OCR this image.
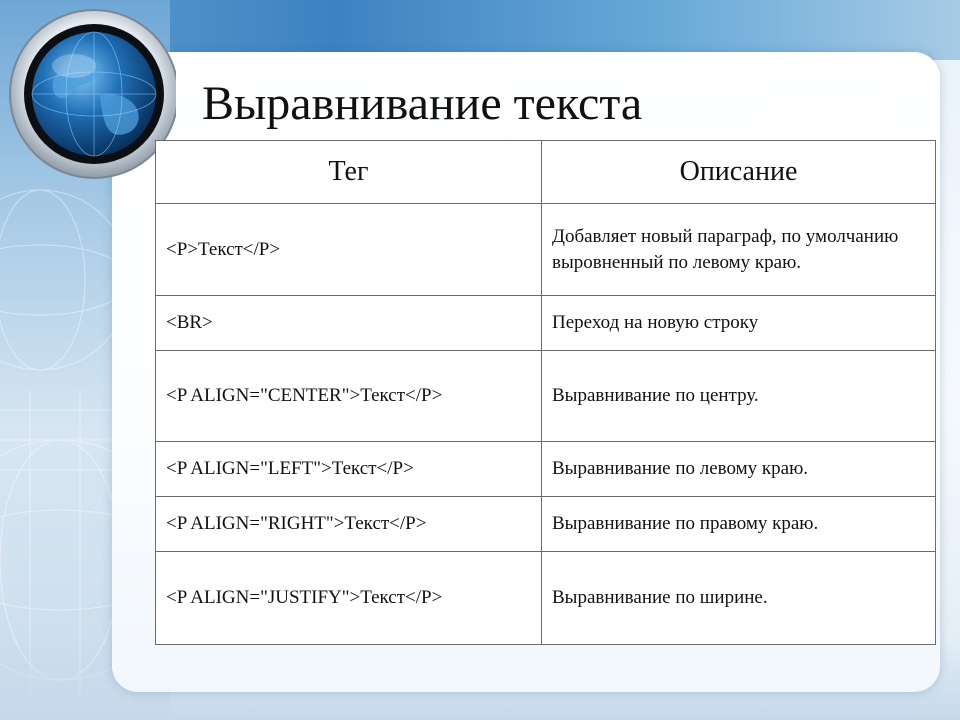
Выравнивание текста
Тег	Описание
<P>Текст</P>	Добавляет новый параграф, по умолчанию выровненный по левому краю.
<BR>	Переход на новую строку
<P ALIGN="CENTER">Текст</P>	Выравнивание по центру.
<P ALIGN="LEFT">Текст</P>	Выравнивание по левому краю.
<P ALIGN="RIGHT">Текст</P>	Выравнивание по правому краю.
<P ALIGN="JUSTIFY">Текст</P>	Выравнивание по ширине.
